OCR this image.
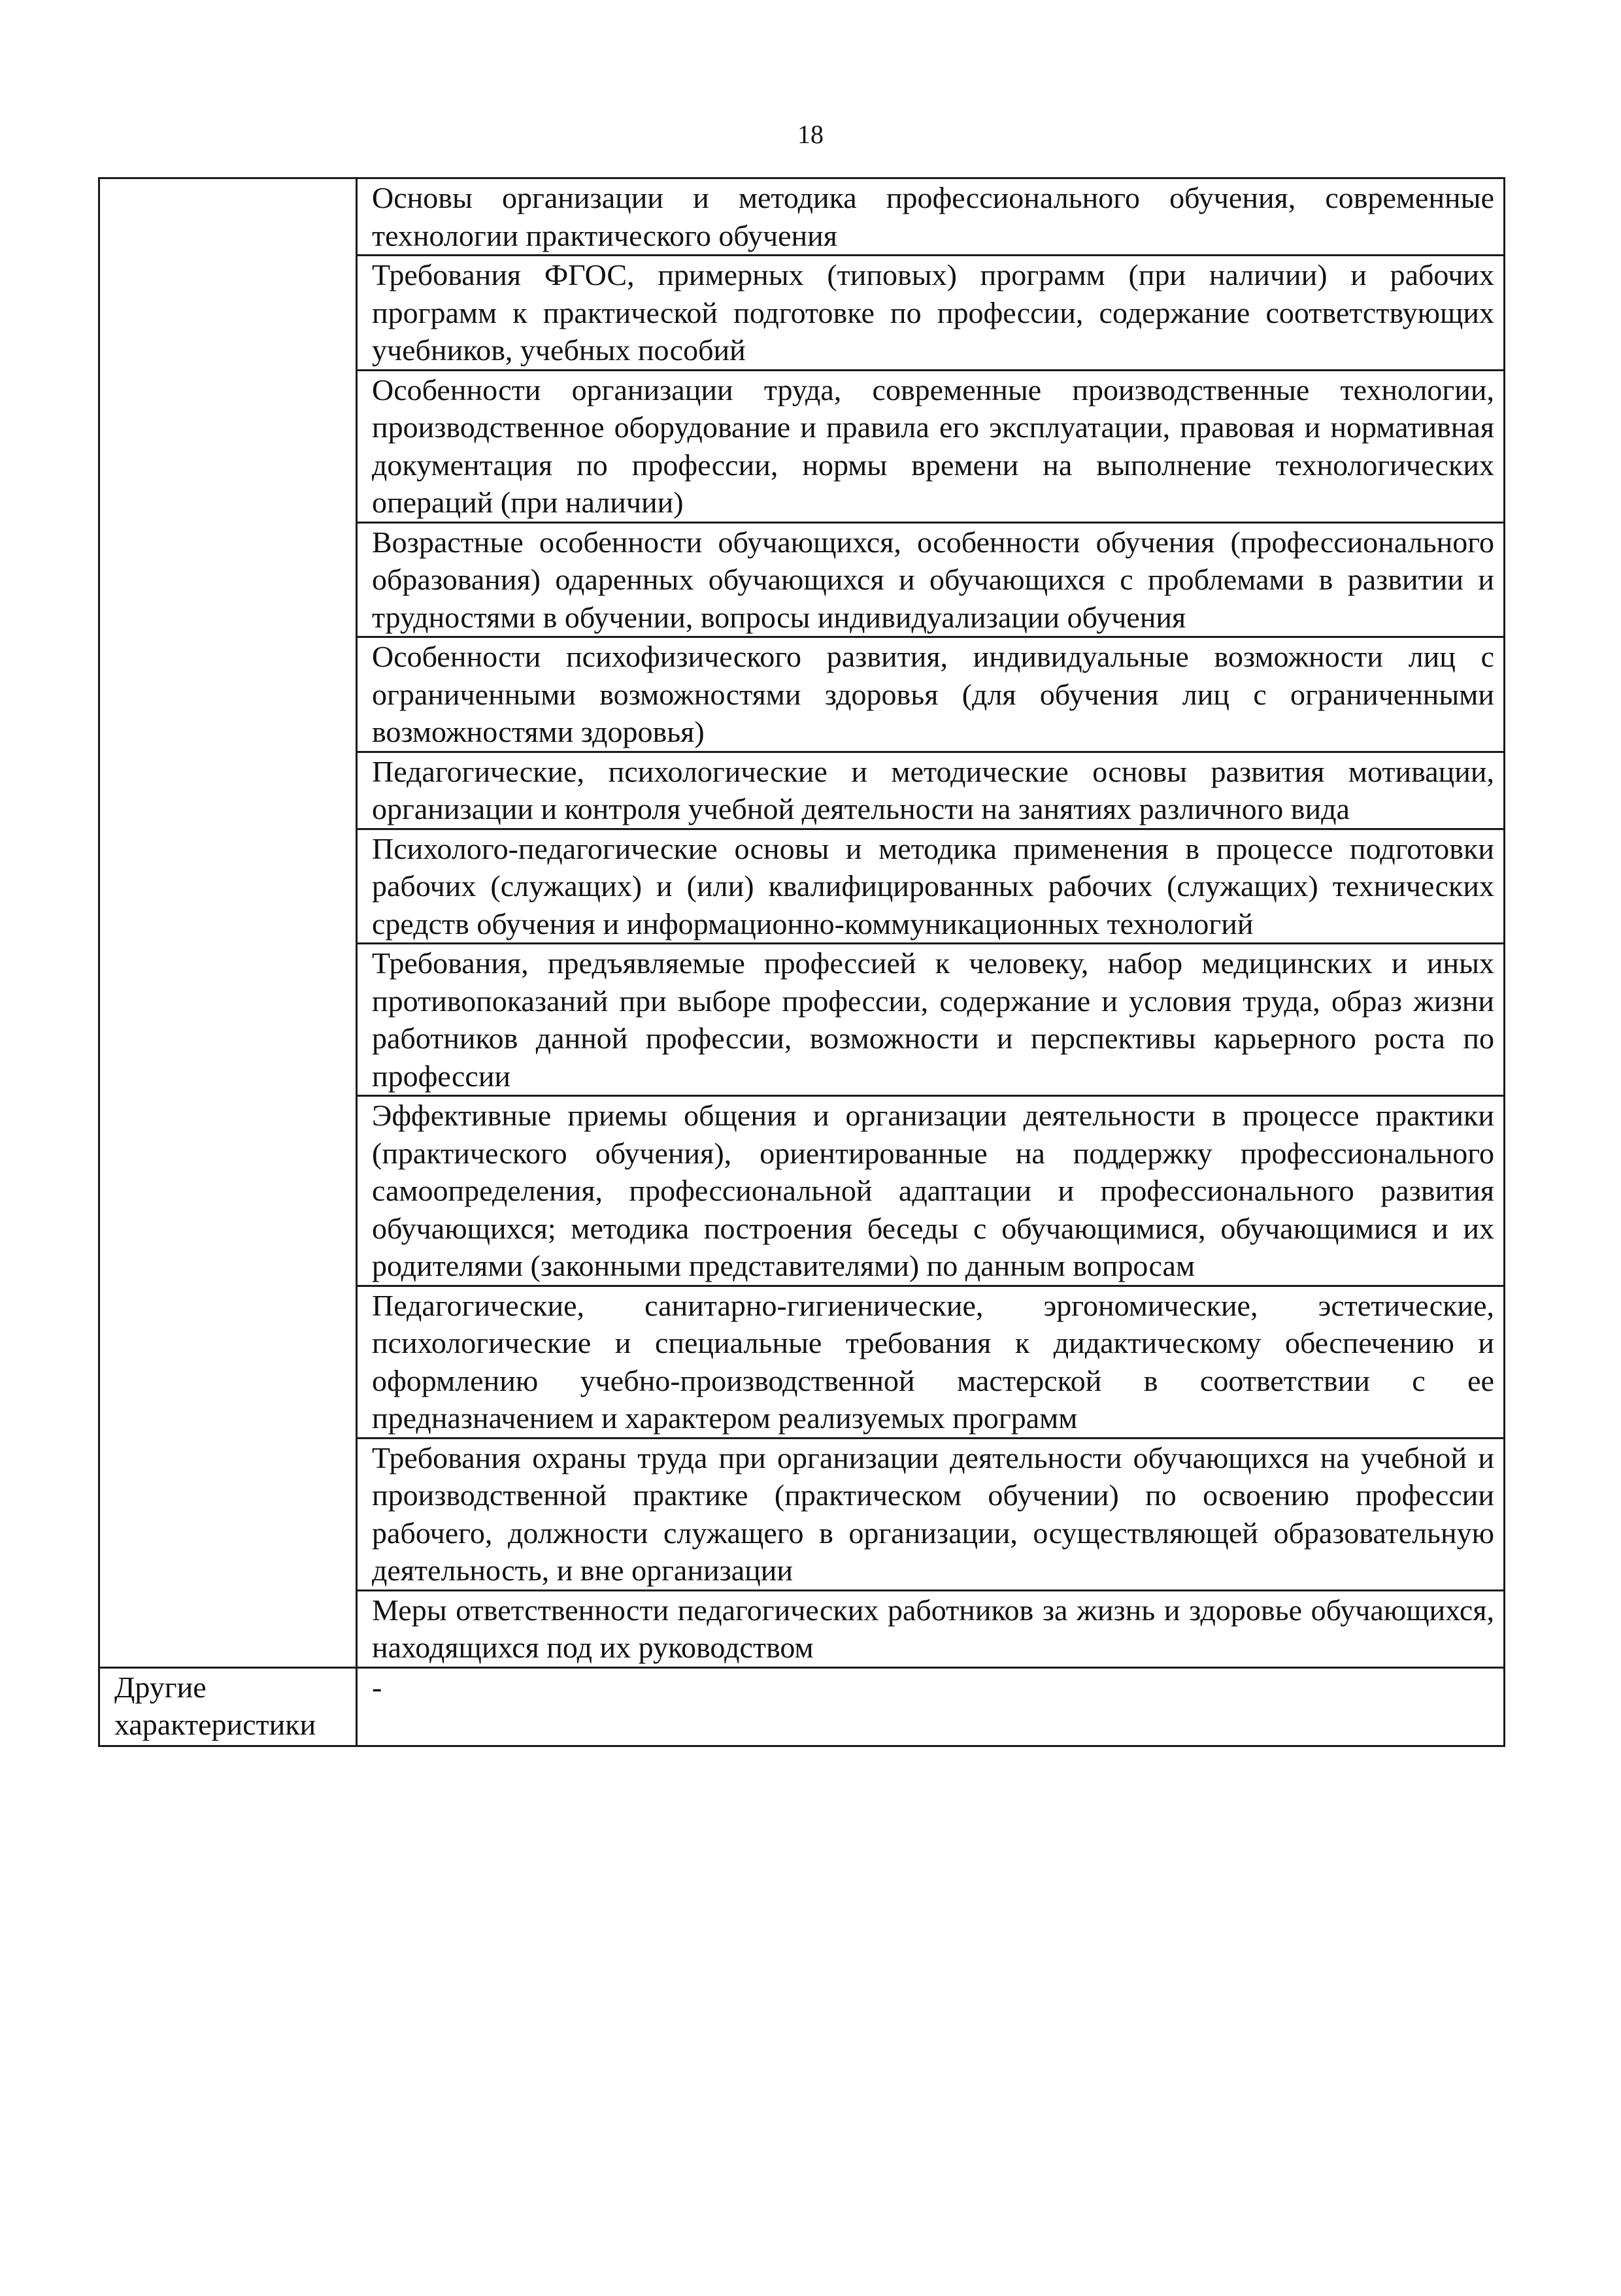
18
	Основы организации и методика профессионального обучения, современные технологии практического обучения
	Требования ФГОС, примерных (типовых) программ (при наличии) и рабочих программ к практической подготовке по профессии, содержание соответствующих учебников, учебных пособий
	Особенности организации труда, современные производственные технологии, производственное оборудование и правила его эксплуатации, правовая и нормативная документация по профессии, нормы времени на выполнение технологических операций (при наличии)
	Возрастные особенности обучающихся, особенности обучения (профессионального образования) одаренных обучающихся и обучающихся с проблемами в развитии и трудностями в обучении, вопросы индивидуализации обучения
	Особенности психофизического развития, индивидуальные возможности лиц с ограниченными возможностями здоровья (для обучения лиц с ограниченными возможностями здоровья)
	Педагогические, психологические и методические основы развития мотивации, организации и контроля учебной деятельности на занятиях различного вида
	Психолого-педагогические основы и методика применения в процессе подготовки рабочих (служащих) и (или) квалифицированных рабочих (служащих) технических средств обучения и информационно-коммуникационных технологий
	Требования, предъявляемые профессией к человеку, набор медицинских и иных противопоказаний при выборе профессии, содержание и условия труда, образ жизни работников данной профессии, возможности и перспективы карьерного роста по профессии
	Эффективные приемы общения и организации деятельности в процессе практики (практического обучения), ориентированные на поддержку профессионального самоопределения, профессиональной адаптации и профессионального развития обучающихся; методика построения беседы с обучающимися, обучающимися и их родителями (законными представителями) по данным вопросам
	Педагогические, санитарно-гигиенические, эргономические, эстетические, психологические и специальные требования к дидактическому обеспечению и оформлению учебно-производственной мастерской в соответствии с ее предназначением и характером реализуемых программ
	Требования охраны труда при организации деятельности обучающихся на учебной и производственной практике (практическом обучении) по освоению профессии рабочего, должности служащего в организации, осуществляющей образовательную деятельность, и вне организации
	Меры ответственности педагогических работников за жизнь и здоровье обучающихся, находящихся под их руководством
Другие характеристики	-
